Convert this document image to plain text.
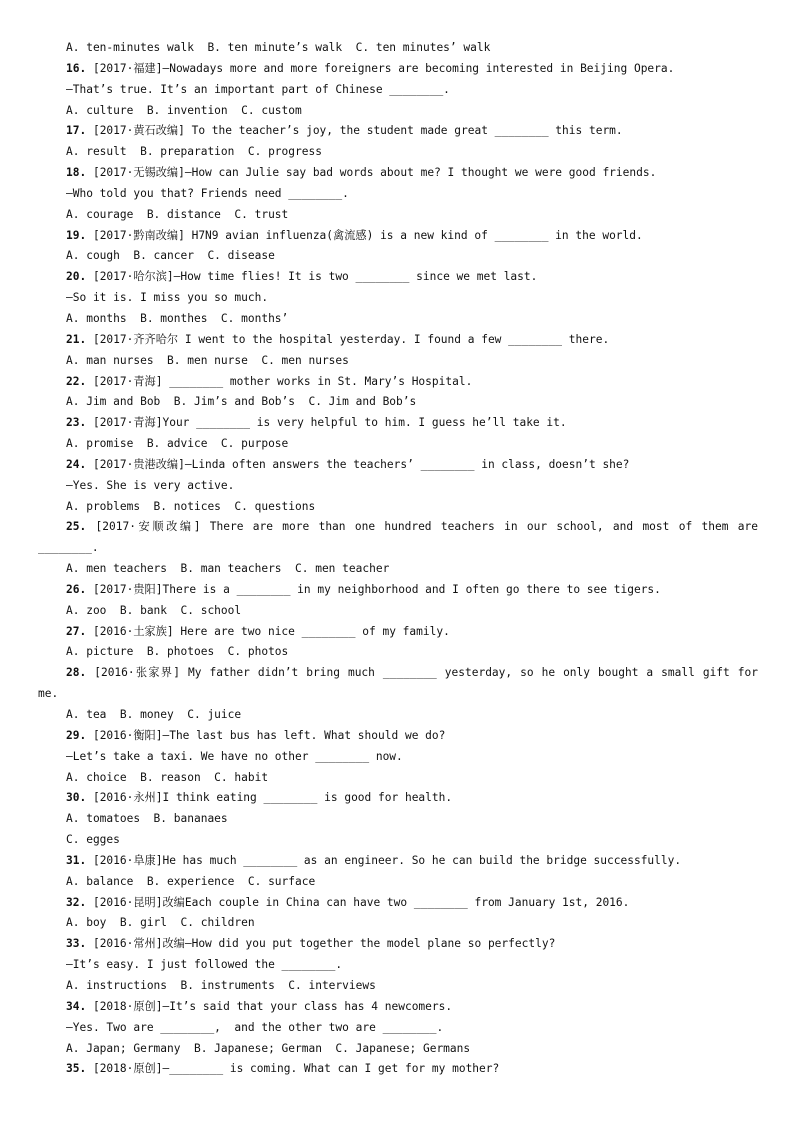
A. ten-minutes walk  B. ten minute’s walk  C. ten minutes’ walk
16. [2017·福建]—Nowadays more and more foreigners are becoming interested in Beijing Opera.
—That’s true. It’s an important part of Chinese ________.
A. culture  B. invention  C. custom
17. [2017·黄石改编] To the teacher’s joy, the student made great ________ this term.
A. result  B. preparation  C. progress
18. [2017·无锡改编]—How can Julie say bad words about me? I thought we were good friends.
—Who told you that? Friends need ________.
A. courage  B. distance  C. trust
19. [2017·黔南改编] H7N9 avian influenza(禽流感) is a new kind of ________ in the world.
A. cough  B. cancer  C. disease
20. [2017·哈尔滨]—How time flies! It is two ________ since we met last.
—So it is. I miss you so much.
A. months  B. monthes  C. months’
21. [2017·齐齐哈尔 I went to the hospital yesterday. I found a few ________ there.
A. man nurses  B. men nurse  C. men nurses
22. [2017·青海] ________ mother works in St. Mary’s Hospital.
A. Jim and Bob  B. Jim’s and Bob’s  C. Jim and Bob’s
23. [2017·青海]Your ________ is very helpful to him. I guess he’ll take it.
A. promise  B. advice  C. purpose
24. [2017·贵港改编]—Linda often answers the teachers’ ________ in class, doesn’t she?
—Yes. She is very active.
A. problems  B. notices  C. questions
25. [2017·安顺改编] There are more than one hundred teachers in our school, and most of them are
________.
A. men teachers  B. man teachers  C. men teacher
26. [2017·贵阳]There is a ________ in my neighborhood and I often go there to see tigers.
A. zoo  B. bank  C. school
27. [2016·土家族] Here are two nice ________ of my family.
A. picture  B. photoes  C. photos
28. [2016·张家界] My father didn’t bring much ________ yesterday, so he only bought a small gift for
me.
A. tea  B. money  C. juice
29. [2016·衡阳]—The last bus has left. What should we do?
—Let’s take a taxi. We have no other ________ now.
A. choice  B. reason  C. habit
30. [2016·永州]I think eating ________ is good for health.
A. tomatoes  B. bananaes
C. egges
31. [2016·阜康]He has much ________ as an engineer. So he can build the bridge successfully.
A. balance  B. experience  C. surface
32. [2016·昆明]改编Each couple in China can have two ________ from January 1st, 2016.
A. boy  B. girl  C. children
33. [2016·常州]改编—How did you put together the model plane so perfectly?
—It’s easy. I just followed the ________.
A. instructions  B. instruments  C. interviews
34. [2018·原创]—It’s said that your class has 4 newcomers.
—Yes. Two are ________,  and the other two are ________.
A. Japan; Germany  B. Japanese; German  C. Japanese; Germans
35. [2018·原创]—________ is coming. What can I get for my mother?
